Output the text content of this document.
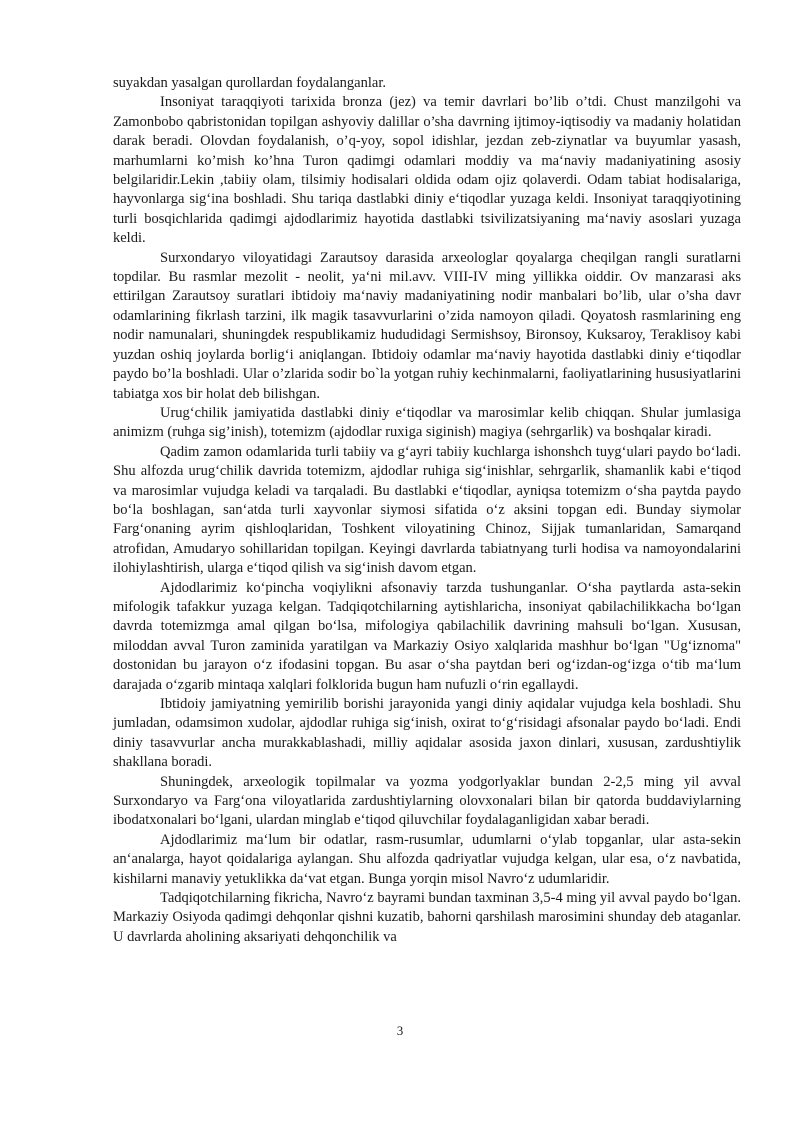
suyakdan yasalgan qurollardan foydalanganlar.

Insoniyat taraqqiyoti tarixida bronza (jez) va temir davrlari bo’lib o’tdi. Chust manzilgohi va Zamonbobo qabristonidan topilgan ashyoviy dalillar o’sha davrning ijtimoy-iqtisodiy va madaniy holatidan darak beradi. Olovdan foydalanish, o’q-yoy, sopol idishlar, jezdan zeb-ziynatlar va buyumlar yasash, marhumlarni ko’mish ko’hna Turon qadimgi odamlari moddiy va ma‘naviy madaniyatining asosiy belgilaridir.Lekin ,tabiiy olam, tilsimiy hodisalari oldida odam ojiz qolaverdi. Odam tabiat hodisalariga, hayvonlarga sig‘ina boshladi. Shu tariqa dastlabki diniy e‘tiqodlar yuzaga keldi. Insoniyat taraqqiyotining turli bosqichlarida qadimgi ajdodlarimiz hayotida dastlabki tsivilizatsiyaning ma‘naviy asoslari yuzaga keldi.

Surxondaryo viloyatidagi Zarautsoy darasida arxeologlar qoyalarga cheqilgan rangli suratlarni topdilar. Bu rasmlar mezolit - neolit, ya‘ni mil.avv. VIII-IV ming yillikka oiddir. Ov manzarasi aks ettirilgan Zarautsoy suratlari ibtidoiy ma‘naviy madaniyatining nodir manbalari bo’lib, ular o’sha davr odamlarining fikrlash tarzini, ilk magik tasavvurlarini o’zida namoyon qiladi. Qoyatosh rasmlarining eng nodir namunalari, shuningdek respublikamiz hududidagi Sermishsoy, Bironsoy, Kuksaroy, Teraklisoy kabi yuzdan oshiq joylarda borlig‘i aniqlangan. Ibtidoiy odamlar ma‘naviy hayotida dastlabki diniy e‘tiqodlar paydo bo’la boshladi. Ular o’zlarida sodir bo`la yotgan ruhiy kechinmalarni, faoliyatlarining hususiyatlarini tabiatga xos bir holat deb bilishgan.

Urug‘chilik jamiyatida dastlabki diniy e‘tiqodlar va marosimlar kelib chiqqan. Shular jumlasiga animizm (ruhga sig’inish), totemizm (ajdodlar ruxiga siginish) magiya (sehrgarlik) va boshqalar kiradi.

Qadim zamon odamlarida turli tabiiy va g‘ayri tabiiy kuchlarga ishonshch tuyg‘ulari paydo bo‘ladi. Shu alfozda urug‘chilik davrida totemizm, ajdodlar ruhiga sig‘inishlar, sehrgarlik, shamanlik kabi e‘tiqod va marosimlar vujudga keladi va tarqaladi. Bu dastlabki e‘tiqodlar, ayniqsa totemizm o‘sha paytda paydo bo‘la boshlagan, san‘atda turli xayvonlar siymosi sifatida o‘z aksini topgan edi. Bunday siymolar Farg‘onaning ayrim qishloqlaridan, Toshkent viloyatining Chinoz, Sijjak tumanlaridan, Samarqand atrofidan, Amudaryo sohillaridan topilgan. Keyingi davrlarda tabiatnyang turli hodisa va namoyondalarini ilohiylashtirish, ularga e‘tiqod qilish va sig‘inish davom etgan.

Ajdodlarimiz ko‘pincha voqiylikni afsonaviy tarzda tushunganlar. O‘sha paytlarda asta-sekin mifologik tafakkur yuzaga kelgan. Tadqiqotchilarning aytishlaricha, insoniyat qabilachilikkacha bo‘lgan davrda totemizmga amal qilgan bo‘lsa, mifologiya qabilachilik davrining mahsuli bo‘lgan. Xususan, miloddan avval Turon zaminida yaratilgan va Markaziy Osiyo xalqlarida mashhur bo‘lgan "Ug‘iznoma" dostonidan bu jarayon o‘z ifodasini topgan. Bu asar o‘sha paytdan beri og‘izdan-og‘izga o‘tib ma‘lum darajada o‘zgarib mintaqa xalqlari folklorida bugun ham nufuzli o‘rin egallaydi.

Ibtidoiy jamiyatning yemirilib borishi jarayonida yangi diniy aqidalar vujudga kela boshladi. Shu jumladan, odamsimon xudolar, ajdodlar ruhiga sig‘inish, oxirat to‘g‘risidagi afsonalar paydo bo‘ladi. Endi diniy tasavvurlar ancha murakkablashadi, milliy aqidalar asosida jaxon dinlari, xususan, zardushtiylik shakllana boradi.

Shuningdek, arxeologik topilmalar va yozma yodgorlyaklar bundan 2-2,5 ming yil avval Surxondaryo va Farg‘ona viloyatlarida zardushtiylarning olovxonalari bilan bir qatorda buddaviylarning ibodatxonalari bo‘lgani, ulardan minglab e‘tiqod qiluvchilar foydalaganligidan xabar beradi.

Ajdodlarimiz ma‘lum bir odatlar, rasm-rusumlar, udumlarni o‘ylab topganlar, ular asta-sekin an‘analarga, hayot qoidalariga aylangan. Shu alfozda qadriyatlar vujudga kelgan, ular esa, o‘z navbatida, kishilarni manaviy yetuklikka da‘vat etgan. Bunga yorqin misol Navro‘z udumlaridir.

Tadqiqotchilarning fikricha, Navro‘z bayrami bundan taxminan 3,5-4 ming yil avval paydo bo‘lgan. Markaziy Osiyoda qadimgi dehqonlar qishni kuzatib, bahorni qarshilash marosimini shunday deb ataganlar. U davrlarda aholining aksariyati dehqonchilik va

3
